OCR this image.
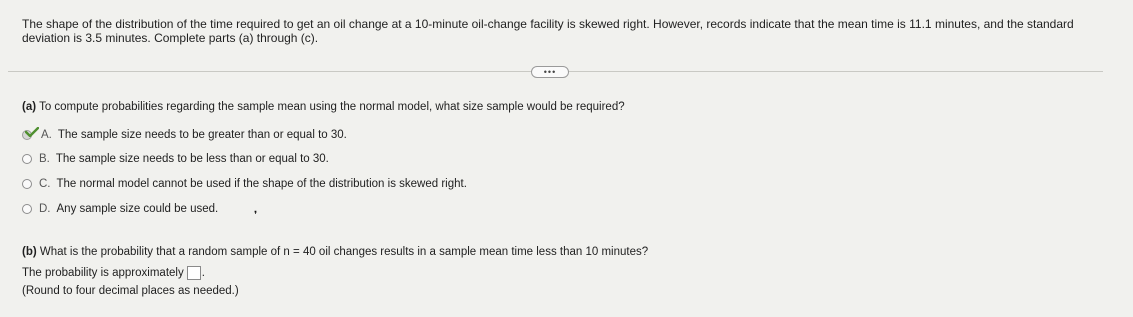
The shape of the distribution of the time required to get an oil change at a 10-minute oil-change facility is skewed right. However, records indicate that the mean time is 11.1 minutes, and the standard deviation is 3.5 minutes. Complete parts (a) through (c).
•••
(a) To compute probabilities regarding the sample mean using the normal model, what size sample would be required?
A. The sample size needs to be greater than or equal to 30.
B. The sample size needs to be less than or equal to 30.
C. The normal model cannot be used if the shape of the distribution is skewed right.
D. Any sample size could be used.
❜
(b) What is the probability that a random sample of n = 40 oil changes results in a sample mean time less than 10 minutes?
The probability is approximately .
(Round to four decimal places as needed.)
